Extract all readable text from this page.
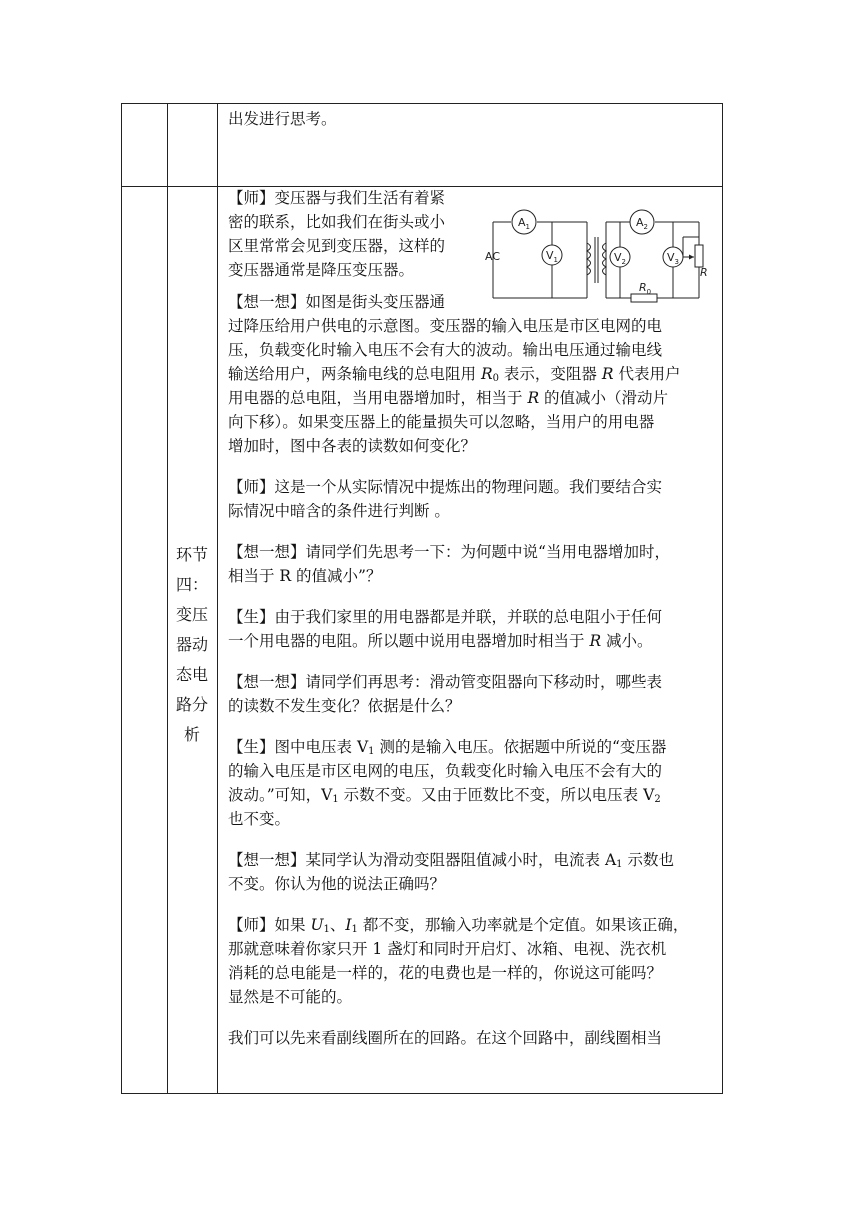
出发进行思考。

环节
四：
变压
器动
态电
路分
析
AC
$A_1$
$V_1$
$A_2$
$V_2$	$V_3$
R
$R_0$
【师】变压器与我们生活有着紧
密的联系，比如我们在街头或小
区里常常会见到变压器，这样的
变压器通常是降压变压器。
【想一想】如图是街头变压器通
过降压给用户供电的示意图。变压器的输入电压是市区电网的电
压，负载变化时输入电压不会有大的波动。输出电压通过输电线
输送给用户，两条输电线的总电阻用 $R_0$ 表示，变阻器 R 代表用户
用电器的总电阻，当用电器增加时，相当于 R 的值减小（滑动片
向下移）。如果变压器上的能量损失可以忽略，当用户的用电器
增加时，图中各表的读数如何变化？
【师】这是一个从实际情况中提炼出的物理问题。我们要结合实
际情况中暗含的条件进行判断 。
【想一想】请同学们先思考一下：为何题中说“当用电器增加时，
相当于 R 的值减小”？
【生】由于我们家里的用电器都是并联，并联的总电阻小于任何
一个用电器的电阻。所以题中说用电器增加时相当于 R 减小。
【想一想】请同学们再思考：滑动管变阻器向下移动时，哪些表
的读数不发生变化？依据是什么？
【生】图中电压表 $V_1$ 测的是输入电压。依据题中所说的“变压器
的输入电压是市区电网的电压，负载变化时输入电压不会有大的
波动。”可知，$V_1$ 示数不变。又由于匝数比不变，所以电压表 $V_2$
也不变。
【想一想】某同学认为滑动变阻器阻值减小时，电流表 $A_1$ 示数也
不变。你认为他的说法正确吗？
【师】如果 $U_1$、$I_1$ 都不变，那输入功率就是个定值。如果该正确，
那就意味着你家只开 1 盏灯和同时开启灯、冰箱、电视、洗衣机
消耗的总电能是一样的，花的电费也是一样的，你说这可能吗？
显然是不可能的。
我们可以先来看副线圈所在的回路。在这个回路中，副线圈相当
